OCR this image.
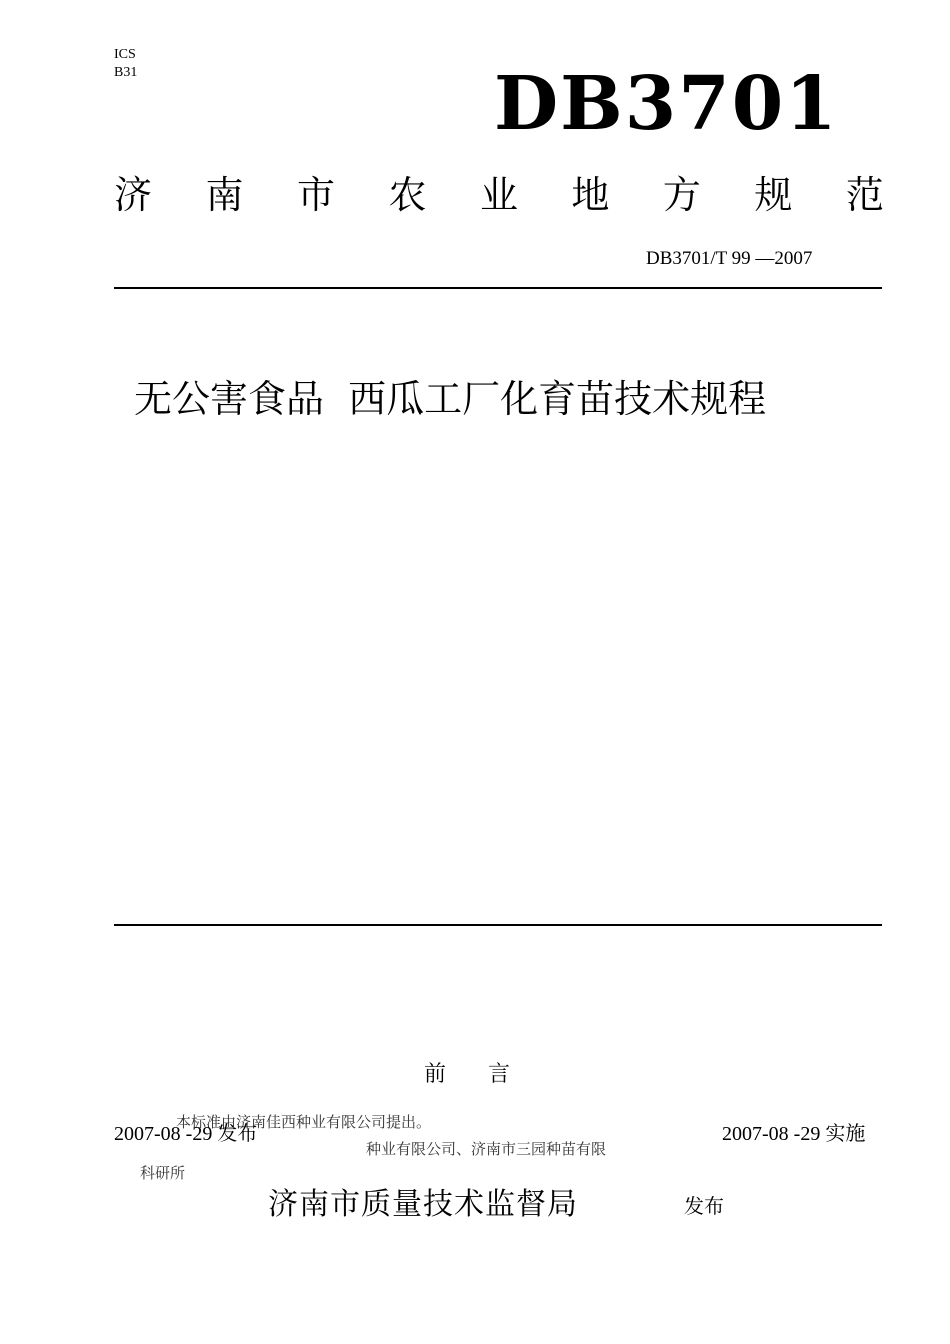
ICS
B31	DB3701
济 南 市 农 业 地 方 规 范
DB3701/T 99 —2007
无公害食品  西瓜工厂化育苗技术规程
前      言
本标准由济南佳西种业有限公司提出。
种业有限公司、济南市三园种苗有限
科研所
2007-08 -29 发布	2007-08 -29 实施
济南市质量技术监督局	发布
